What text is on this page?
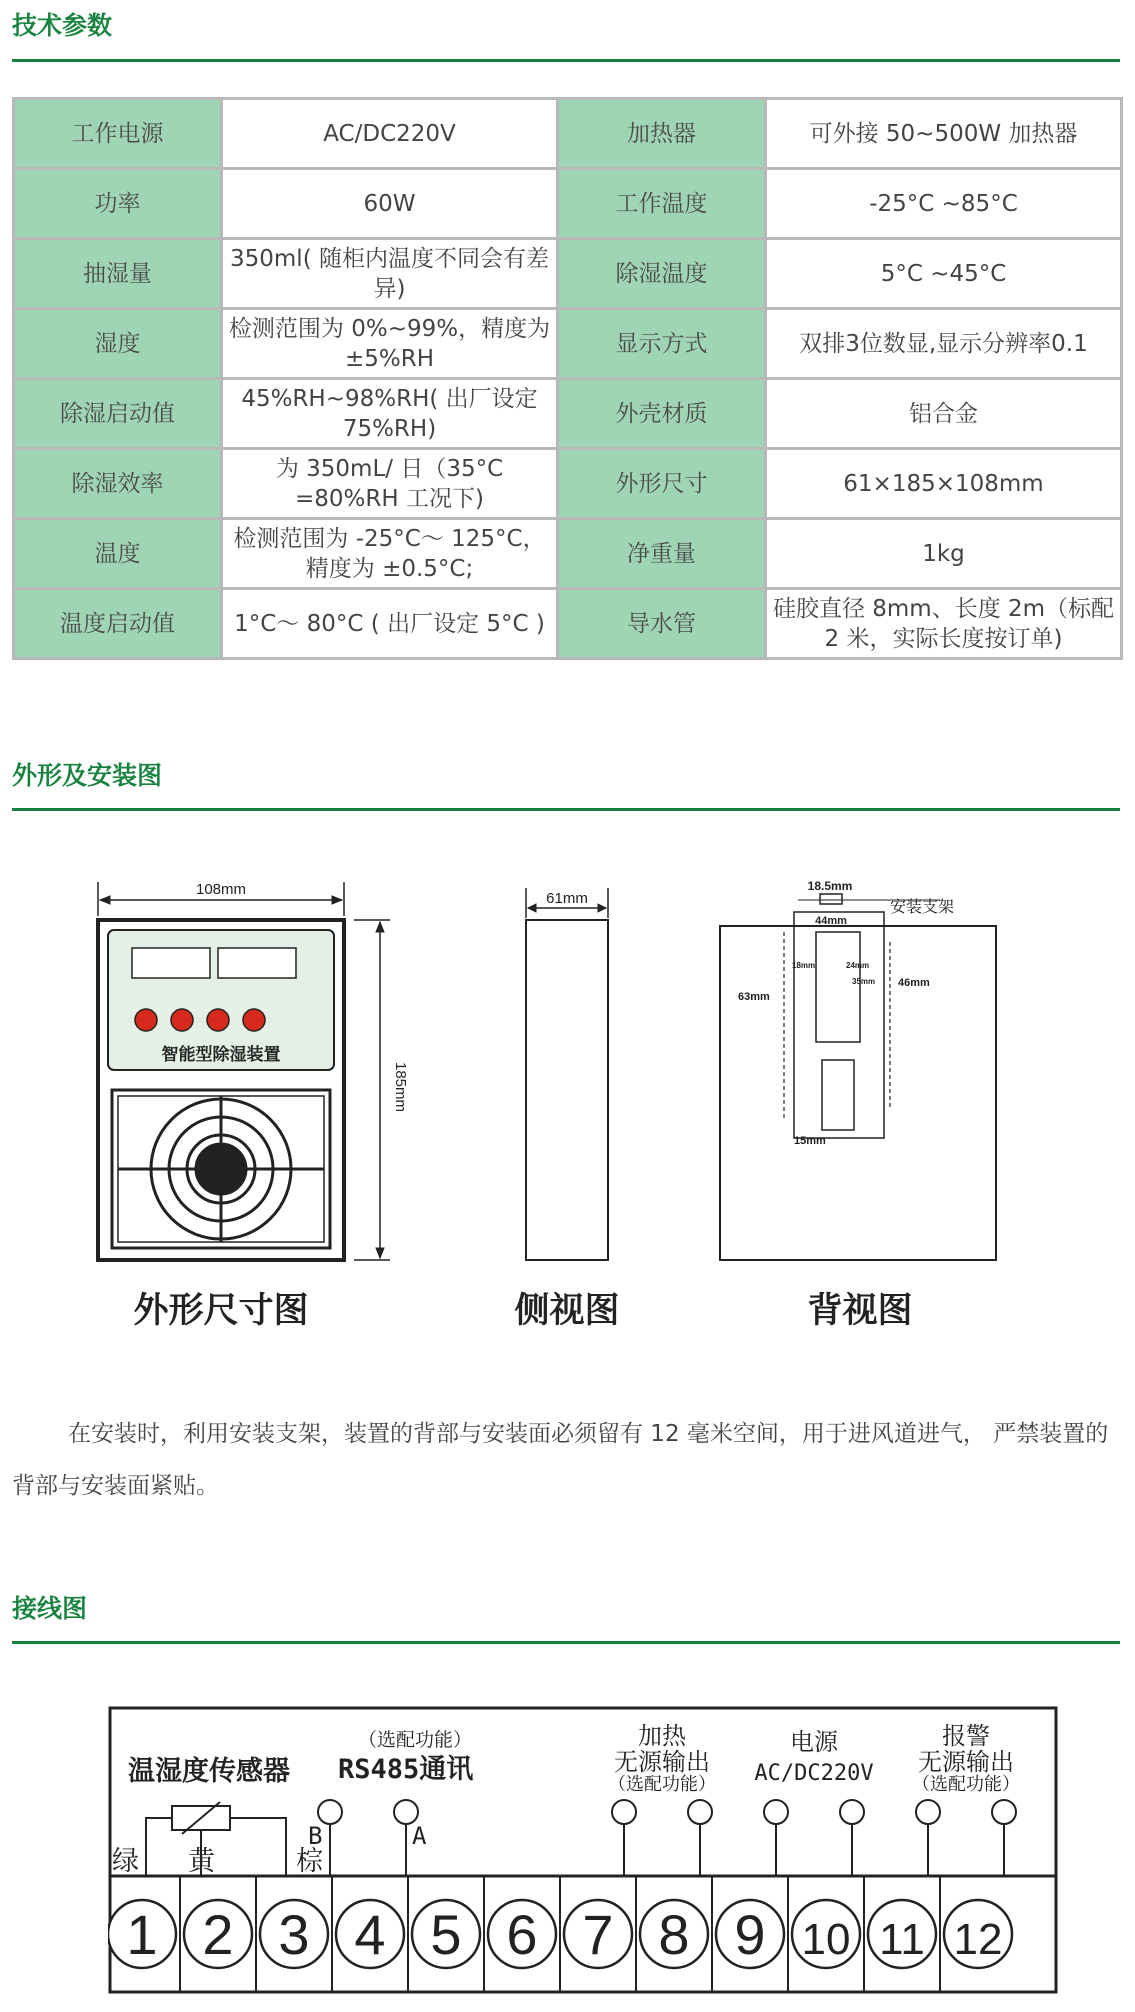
技术参数
工作电源	AC/DC220V	加热器	可外接 50~500W 加热器
功率	60W	工作温度	-25°C ~85°C
抽湿量	350ml( 随柜内温度不同会有差异)	除湿温度	5°C ~45°C
湿度	检测范围为 0%~99%，精度为 ±5%RH	显示方式	双排3位数显,显示分辨率0.1
除湿启动值	45%RH~98%RH( 出厂设定 75%RH)	外壳材质	铝合金
除湿效率	为 350mL/ 日（35°C =80%RH 工况下)	外形尺寸	61×185×108mm
温度	检测范围为 -25°C～ 125°C，精度为 ±0.5°C;	净重量	1kg
温度启动值	1°C～ 80°C ( 出厂设定 5°C )	导水管	硅胶直径 8mm、长度 2m（标配 2 米，实际长度按订单)
外形及安装图
108mm
185mm
智能型除湿装置
外形尺寸图
61mm
侧视图
18.5mm
44mm
安装支架
18mm	24mm
35mm 46mm
63mm
15mm
背视图
在安装时，利用安装支架，装置的背部与安装面必须留有 12 毫米空间，用于进风道进气， 严禁装置的背部与安装面紧贴。
接线图
1 2 3 4 5 6 7 8 9 10 11 12
温湿度传感器
（选配功能）
RS485通讯
绿 黄	棕
B	A
加热
无源输出
（选配功能）
电源
AC/DC220V
报警
无源输出
（选配功能）
